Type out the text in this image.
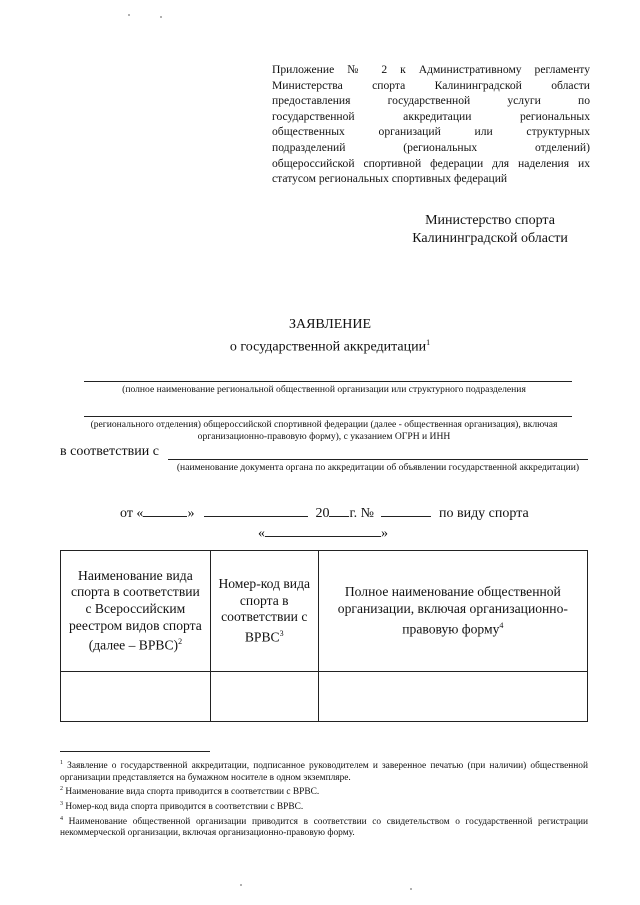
Приложение № 2 к Административному регламенту
Министерства спорта Калининградской области
предоставления государственной услуги по
государственной аккредитации региональных
общественных организаций или структурных
подразделений (региональных отделений)
общероссийской спортивной федерации для наделения их
статусом региональных спортивных федераций
Министерство спорта
Калининградской области
ЗАЯВЛЕНИЕ
о государственной аккредитации$^1$
(полное наименование региональной общественной организации или структурного подразделения
(регионального отделения) общероссийской спортивной федерации (далее - общественная организация), включая организационно-правовую форму), с указанием ОГРН и ИНН
в соответствии с
(наименование документа органа по аккредитации об объявлении государственной аккредитации)
от «	»	20 г. №	по виду спорта
«	»
Наименование вида спорта в соответствии с Всероссийским реестром видов спорта (далее – ВРВС)$^2$	Номер-код вида спорта в соответствии с ВРВС$^3$	Полное наименование общественной организации, включая организационно-правовую форму$^4$

$^1$ Заявление о государственной аккредитации, подписанное руководителем и заверенное печатью (при наличии) общественной организации представляется на бумажном носителе в одном экземпляре.

$^2$ Наименование вида спорта приводится в соответствии с ВРВС.

$^3$ Номер-код вида спорта приводится в соответствии с ВРВС.

$^4$ Наименование общественной организации приводится в соответствии со свидетельством о государственной регистрации некоммерческой организации, включая организационно-правовую форму.
